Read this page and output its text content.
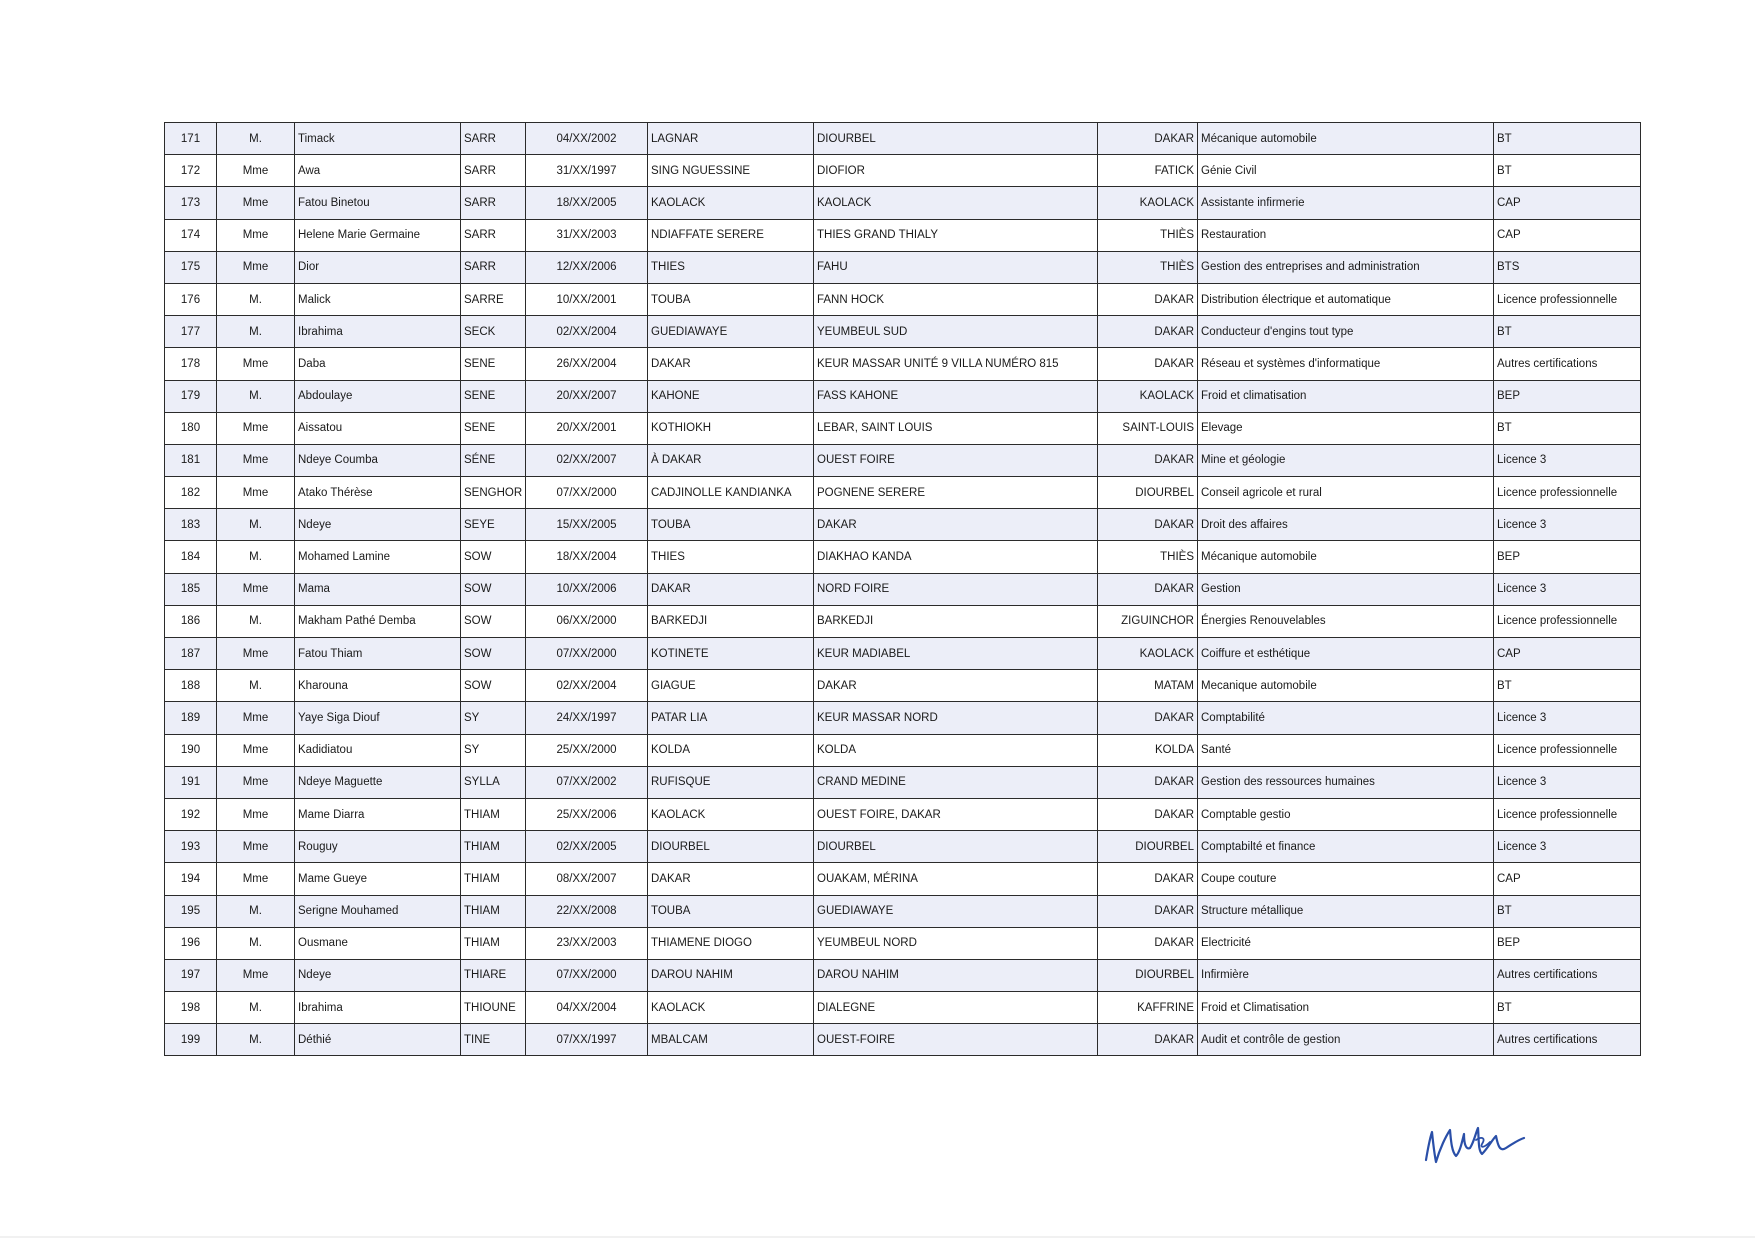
171	M.	Timack	SARR	04/XX/2002	LAGNAR	DIOURBEL	DAKAR	Mécanique automobile	BT
172	Mme	Awa	SARR	31/XX/1997	SING NGUESSINE	DIOFIOR	FATICK	Génie Civil	BT
173	Mme	Fatou Binetou	SARR	18/XX/2005	KAOLACK	KAOLACK	KAOLACK	Assistante infirmerie	CAP
174	Mme	Helene Marie Germaine	SARR	31/XX/2003	NDIAFFATE SERERE	THIES GRAND THIALY	THIÈS	Restauration	CAP
175	Mme	Dior	SARR	12/XX/2006	THIES	FAHU	THIÈS	Gestion des entreprises and administration	BTS
176	M.	Malick	SARRE	10/XX/2001	TOUBA	FANN HOCK	DAKAR	Distribution électrique et automatique	Licence professionnelle
177	M.	Ibrahima	SECK	02/XX/2004	GUEDIAWAYE	YEUMBEUL SUD	DAKAR	Conducteur d'engins tout type	BT
178	Mme	Daba	SENE	26/XX/2004	DAKAR	KEUR MASSAR UNITÉ 9 VILLA NUMÉRO 815	DAKAR	Réseau et systèmes d'informatique	Autres certifications
179	M.	Abdoulaye	SENE	20/XX/2007	KAHONE	FASS KAHONE	KAOLACK	Froid et climatisation	BEP
180	Mme	Aissatou	SENE	20/XX/2001	KOTHIOKH	LEBAR, SAINT LOUIS	SAINT-LOUIS	Elevage	BT
181	Mme	Ndeye Coumba	SÉNE	02/XX/2007	À DAKAR	OUEST FOIRE	DAKAR	Mine et géologie	Licence 3
182	Mme	Atako Thérèse	SENGHOR	07/XX/2000	CADJINOLLE KANDIANKA	POGNENE SERERE	DIOURBEL	Conseil agricole et rural	Licence professionnelle
183	M.	Ndeye	SEYE	15/XX/2005	TOUBA	DAKAR	DAKAR	Droit des affaires	Licence 3
184	M.	Mohamed Lamine	SOW	18/XX/2004	THIES	DIAKHAO KANDA	THIÈS	Mécanique automobile	BEP
185	Mme	Mama	SOW	10/XX/2006	DAKAR	NORD FOIRE	DAKAR	Gestion	Licence 3
186	M.	Makham Pathé Demba	SOW	06/XX/2000	BARKEDJI	BARKEDJI	ZIGUINCHOR	Énergies Renouvelables	Licence professionnelle
187	Mme	Fatou Thiam	SOW	07/XX/2000	KOTINETE	KEUR MADIABEL	KAOLACK	Coiffure et esthétique	CAP
188	M.	Kharouna	SOW	02/XX/2004	GIAGUE	DAKAR	MATAM	Mecanique automobile	BT
189	Mme	Yaye Siga Diouf	SY	24/XX/1997	PATAR LIA	KEUR MASSAR NORD	DAKAR	Comptabilité	Licence 3
190	Mme	Kadidiatou	SY	25/XX/2000	KOLDA	KOLDA	KOLDA	Santé	Licence professionnelle
191	Mme	Ndeye Maguette	SYLLA	07/XX/2002	RUFISQUE	CRAND MEDINE	DAKAR	Gestion des ressources humaines	Licence 3
192	Mme	Mame Diarra	THIAM	25/XX/2006	KAOLACK	OUEST FOIRE, DAKAR	DAKAR	Comptable gestio	Licence professionnelle
193	Mme	Rouguy	THIAM	02/XX/2005	DIOURBEL	DIOURBEL	DIOURBEL	Comptabilté et finance	Licence 3
194	Mme	Mame Gueye	THIAM	08/XX/2007	DAKAR	OUAKAM, MÉRINA	DAKAR	Coupe couture	CAP
195	M.	Serigne Mouhamed	THIAM	22/XX/2008	TOUBA	GUEDIAWAYE	DAKAR	Structure métallique	BT
196	M.	Ousmane	THIAM	23/XX/2003	THIAMENE DIOGO	YEUMBEUL NORD	DAKAR	Electricité	BEP
197	Mme	Ndeye	THIARE	07/XX/2000	DAROU NAHIM	DAROU NAHIM	DIOURBEL	Infirmière	Autres certifications
198	M.	Ibrahima	THIOUNE	04/XX/2004	KAOLACK	DIALEGNE	KAFFRINE	Froid et Climatisation	BT
199	M.	Déthié	TINE	07/XX/1997	MBALCAM	OUEST-FOIRE	DAKAR	Audit et contrôle de gestion	Autres certifications
